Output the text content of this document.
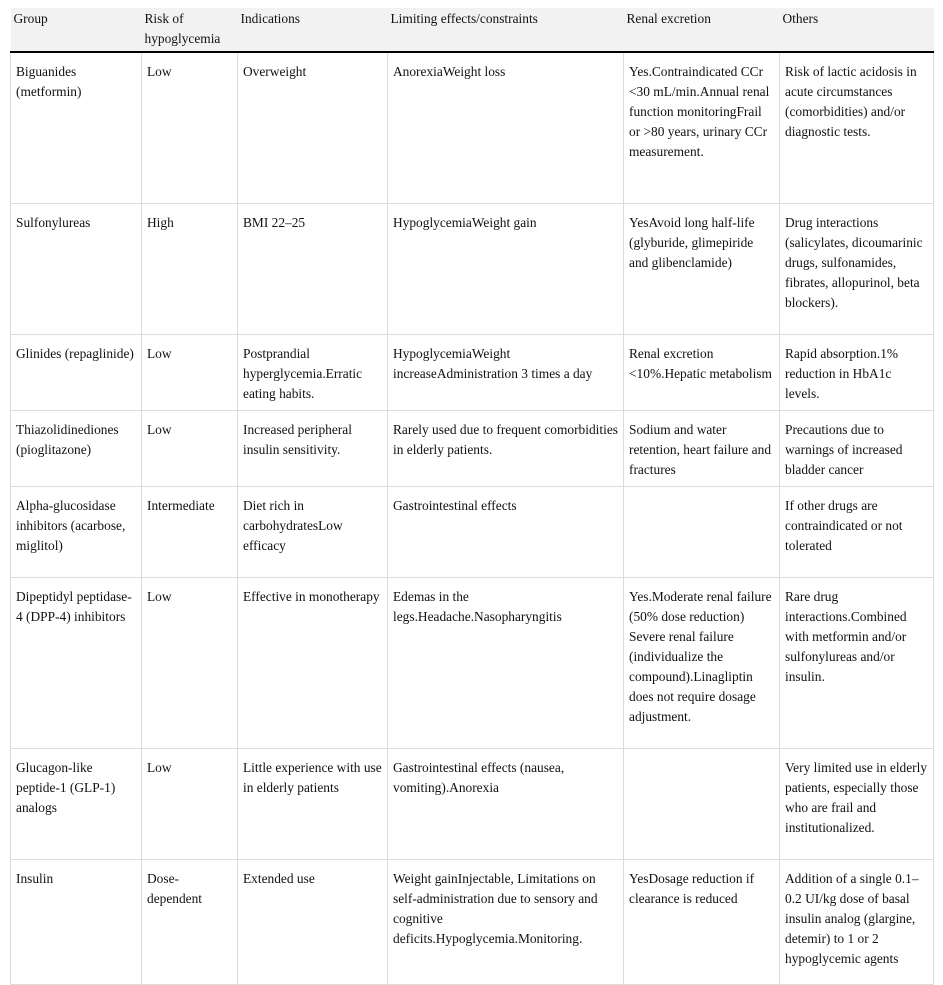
Group	Risk of hypoglycemia	Indications	Limiting effects/constraints	Renal excretion	Others
Biguanides (metformin)	Low	Overweight	AnorexiaWeight loss	Yes.Contraindicated CCr <30 mL/min.Annual renal function monitoringFrail or >80 years, urinary CCr measurement.	Risk of lactic acidosis in acute circumstances (comorbidities) and/or diagnostic tests.
Sulfonylureas	High	BMI 22–25	HypoglycemiaWeight gain	YesAvoid long half-life (glyburide, glimepiride and glibenclamide)	Drug interactions (salicylates, dicoumarinic drugs, sulfonamides, fibrates, allopurinol, beta blockers).
Glinides (repaglinide)	Low	Postprandial hyperglycemia.Erratic eating habits.	HypoglycemiaWeight increaseAdministration 3 times a day	Renal excretion <10%.Hepatic metabolism	Rapid absorption.1% reduction in HbA1c levels.
Thiazolidinediones (pioglitazone)	Low	Increased peripheral insulin sensitivity.	Rarely used due to frequent comorbidities in elderly patients.	Sodium and water retention, heart failure and fractures	Precautions due to warnings of increased bladder cancer
Alpha-glucosidase inhibitors (acarbose, miglitol)	Intermediate	Diet rich in carbohydratesLow efficacy	Gastrointestinal effects		If other drugs are contraindicated or not tolerated
Dipeptidyl peptidase-4 (DPP-4) inhibitors	Low	Effective in monotherapy	Edemas in the legs.Headache.Nasopharyngitis	Yes.Moderate renal failure (50% dose reduction) Severe renal failure (individualize the compound).Linagliptin does not require dosage adjustment.	Rare drug interactions.Combined with metformin and/or sulfonylureas and/or insulin.
Glucagon-like peptide-1 (GLP-1) analogs	Low	Little experience with use in elderly patients	Gastrointestinal effects (nausea, vomiting).Anorexia		Very limited use in elderly patients, especially those who are frail and institutionalized.
Insulin	Dose-dependent	Extended use	Weight gainInjectable, Limitations on self-administration due to sensory and cognitive deficits.Hypoglycemia.Monitoring.	YesDosage reduction if clearance is reduced	Addition of a single 0.1–0.2 UI/kg dose of basal insulin analog (glargine, detemir) to 1 or 2 hypoglycemic agents
